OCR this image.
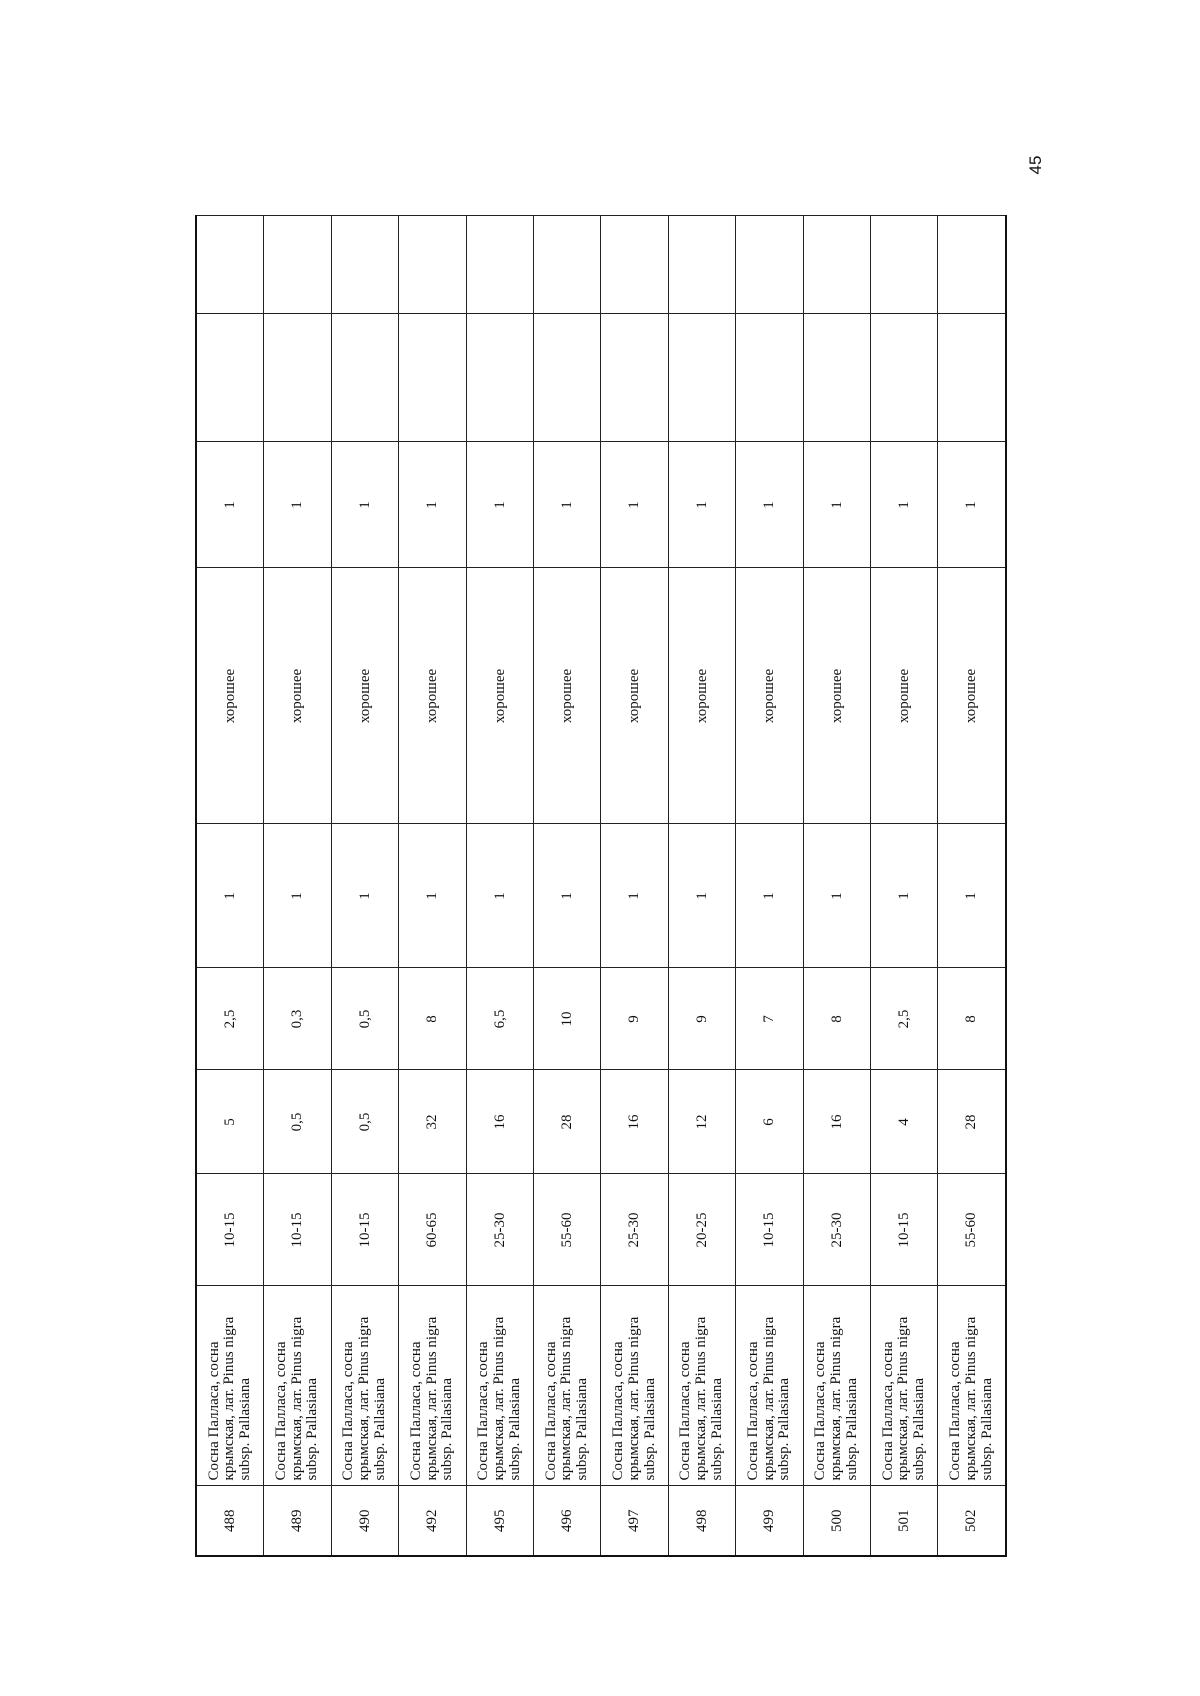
45
488	Сосна Палласа, сосна крымская, лат. Pinus nigra subsp. Pallasiana	10-15	5	2,5	1	хорошее	1		
489	Сосна Палласа, сосна крымская, лат. Pinus nigra subsp. Pallasiana	10-15	0,5	0,3	1	хорошее	1		
490	Сосна Палласа, сосна крымская, лат. Pinus nigra subsp. Pallasiana	10-15	0,5	0,5	1	хорошее	1		
492	Сосна Палласа, сосна крымская, лат. Pinus nigra subsp. Pallasiana	60-65	32	8	1	хорошее	1		
495	Сосна Палласа, сосна крымская, лат. Pinus nigra subsp. Pallasiana	25-30	16	6,5	1	хорошее	1		
496	Сосна Палласа, сосна крымская, лат. Pinus nigra subsp. Pallasiana	55-60	28	10	1	хорошее	1		
497	Сосна Палласа, сосна крымская, лат. Pinus nigra subsp. Pallasiana	25-30	16	9	1	хорошее	1		
498	Сосна Палласа, сосна крымская, лат. Pinus nigra subsp. Pallasiana	20-25	12	9	1	хорошее	1		
499	Сосна Палласа, сосна крымская, лат. Pinus nigra subsp. Pallasiana	10-15	6	7	1	хорошее	1		
500	Сосна Палласа, сосна крымская, лат. Pinus nigra subsp. Pallasiana	25-30	16	8	1	хорошее	1		
501	Сосна Палласа, сосна крымская, лат. Pinus nigra subsp. Pallasiana	10-15	4	2,5	1	хорошее	1		
502	Сосна Палласа, сосна крымская, лат. Pinus nigra subsp. Pallasiana	55-60	28	8	1	хорошее	1		
